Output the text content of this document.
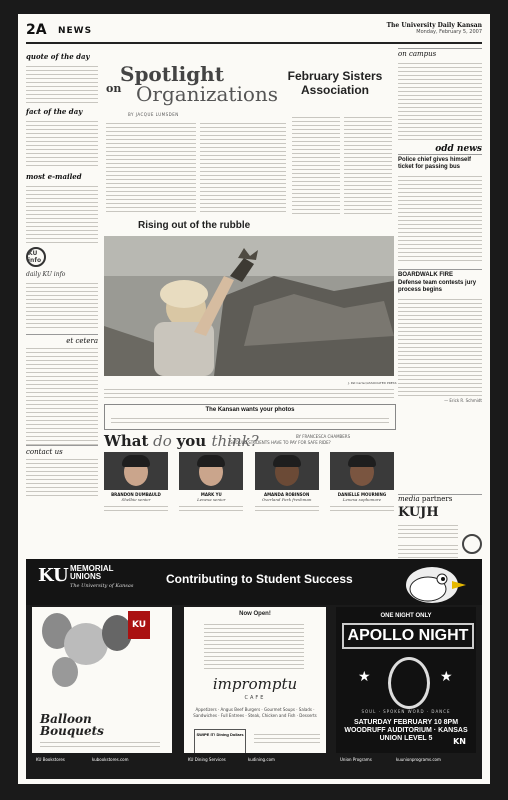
2A NEWS
The University Daily Kansan
Monday, February 5, 2007
quote of the day
fact of the day
most e-mailed
KU info
daily KU info
et cetera
contact us
on
Spotlight
Organizations
BY JACQUE LUMSDEN
February Sisters Association
on campus
odd news
Police chief gives himself ticket for passing bus
BOARDWALK FIRE
Defense team contests jury process begins
— Erick R. Schmidt
Rising out of the rubble
J. Pat Carter/ASSOCIATED PRESS
The Kansan wants your photos
What do you think?	BY FRANCESCA CHAMBERS
SHOULD STUDENTS HAVE TO PAY FOR SAFE RIDE?
BRANDON DUMBAULD
Shelbie senior
MARK YU
Lenexa senior
AMANDA ROBINSON
Overland Park freshman
DANIELLE MOURNING
Lenexa sophomore	media partners
KUJH
KU MEMORIAL
UNIONS
The University of Kansas	Contributing to Student Success
KU
Balloon
Bouquets
KU Bookstores	kubookstores.com
Now Open!
impromptu
CAFE
Appetizers · Angus Beef Burgers · Gourmet Soups · Salads · Sandwiches · Full Entrees · Steak, Chicken and Fish · Desserts
SWIPE IT! Dining Dollars
KU Dining Services	kudining.com
ONE NIGHT ONLY
APOLLO NIGHT
★	★
SOUL · SPOKEN WORD · DANCE
SATURDAY FEBRUARY 10 8PM WOODRUFF AUDITORIUM · KANSAS UNION LEVEL 5	KN
Union Programs	kuunionprograms.com
